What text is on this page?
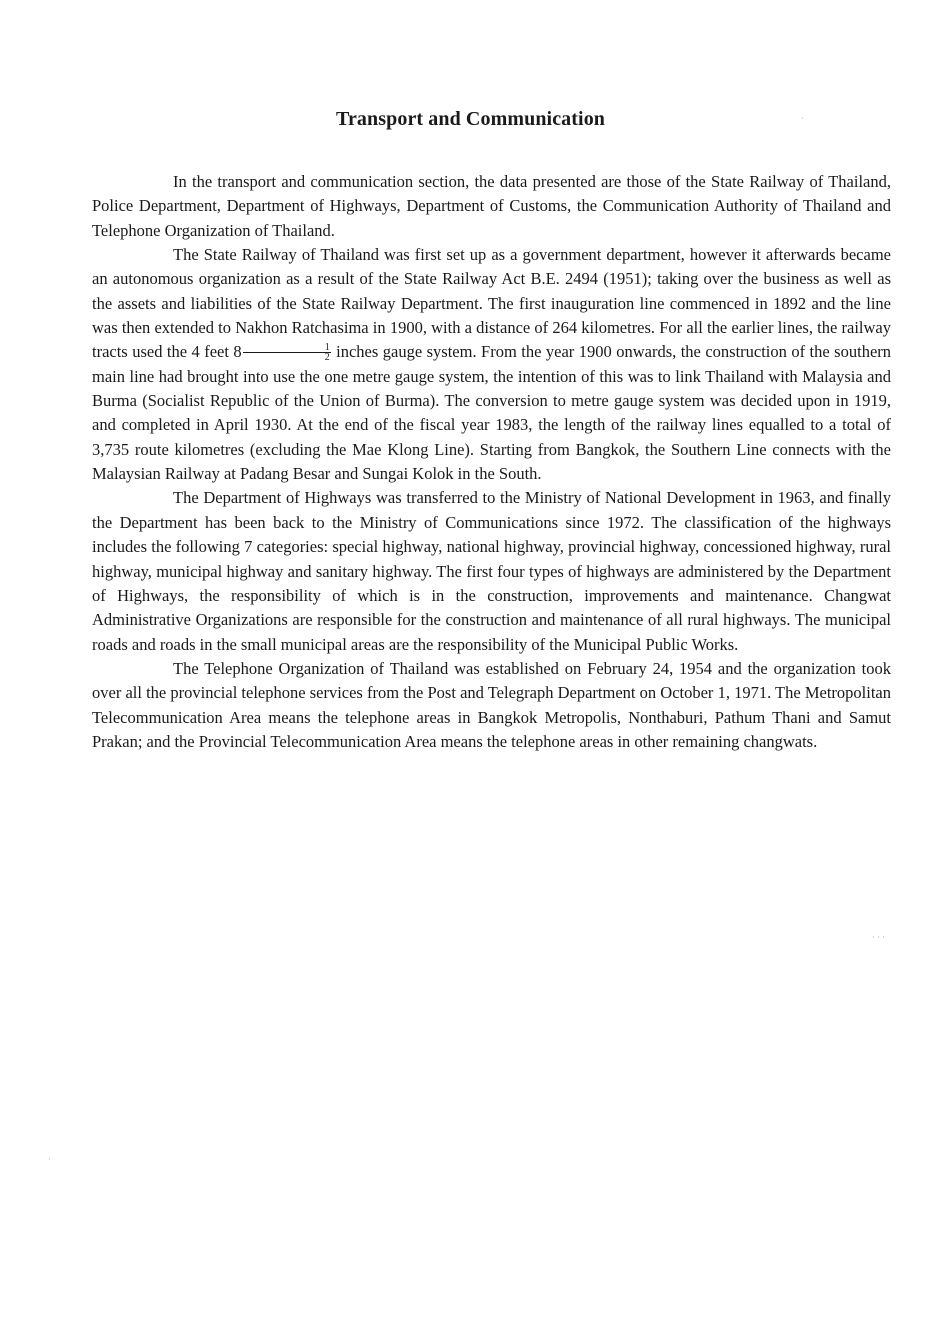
Transport and Communication

In the transport and communication section, the data presented are those of the State Railway of Thailand, Police Department, Department of Highways, Department of Customs, the Communication Authority of Thailand and Telephone Organization of Thailand.

The State Railway of Thailand was first set up as a government department, however it afterwards became an autonomous organization as a result of the State Railway Act B.E. 2494 (1951); taking over the business as well as the assets and liabilities of the State Railway Department. The first inauguration line commenced in 1892 and the line was then extended to Nakhon Ratchasima in 1900, with a distance of 264 kilometres. For all the earlier lines, the railway tracts used the 4 feet $8 \frac{1}{2}$ inches gauge system. From the year 1900 onwards, the construction of the southern main line had brought into use the one metre gauge system, the intention of this was to link Thailand with Malaysia and Burma (Socialist Republic of the Union of Burma). The conversion to metre gauge system was decided upon in 1919, and completed in April 1930. At the end of the fiscal year 1983, the length of the railway lines equalled to a total of 3,735 route kilometres (excluding the Mae Klong Line). Starting from Bangkok, the Southern Line connects with the Malaysian Railway at Padang Besar and Sungai Kolok in the South.

The Department of Highways was transferred to the Ministry of National Development in 1963, and finally the Department has been back to the Ministry of Communications since 1972. The classification of the highways includes the following 7 categories: special highway, national highway, provincial highway, concessioned highway, rural highway, municipal highway and sanitary highway. The first four types of highways are administered by the Department of Highways, the responsibility of which is in the construction, improvements and maintenance. Changwat Administrative Organizations are responsible for the construction and maintenance of all rural highways. The municipal roads and roads in the small municipal areas are the responsibility of the Municipal Public Works.

The Telephone Organization of Thailand was established on February 24, 1954 and the organization took over all the provincial telephone services from the Post and Telegraph Department on October 1, 1971. The Metropolitan Telecommunication Area means the telephone areas in Bangkok Metropolis, Nonthaburi, Pathum Thani and Samut Prakan; and the Provincial Telecommunication Area means the telephone areas in other remaining changwats.

·
· · ·
·
